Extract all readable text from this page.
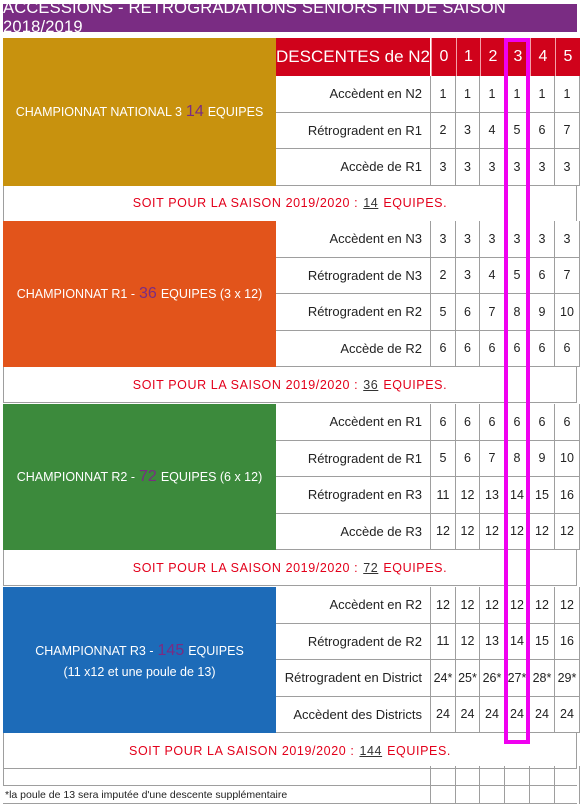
ACCESSIONS - RETROGRADATIONS SENIORS FIN DE SAISON 2018/2019
DESCENTES de N2 0 1 2	3	4	5
CHAMPIONNAT NATIONAL 3 14 EQUIPES
Accèdent en N2	1	1	1	1	1	1
Rétrogradent en R1	2	3	4	5	6	7
Accède de R1	3	3	3	3	3	3
SOIT POUR LA SAISON 2019/2020 : 14 EQUIPES.
CHAMPIONNAT R1 - 36 EQUIPES (3 x 12)
Accèdent en N3	3	3	3	3	3	3
Rétrogradent de N3	2	3	4	5	6	7
Rétrogradent en R2	5	6	7	8	9	10
Accède de R2	6	6	6	6	6	6
SOIT POUR LA SAISON 2019/2020 : 36 EQUIPES.
CHAMPIONNAT R2 - 72 EQUIPES (6 x 12)
Accèdent en R1	6	6	6	6	6	6
Rétrogradent de R1	5	6	7	8	9	10
Rétrogradent en R3	11 12 13 14 15 16
Accède de R3	12 12 12 12 12 12
SOIT POUR LA SAISON 2019/2020 : 72 EQUIPES.
CHAMPIONNAT R3 - 145 EQUIPES
(11 x12 et une poule de 13)
Accèdent en R2	12 12 12 12 12 12
Rétrogradent de R2	11 12 13 14 15 16
Rétrogradent en District 24* 25* 26* 27* 28* 29*
Accèdent des Districts	24 24 24 24 24 24
SOIT POUR LA SAISON 2019/2020 : 144 EQUIPES.
*la poule de 13 sera imputée d'une descente supplémentaire
